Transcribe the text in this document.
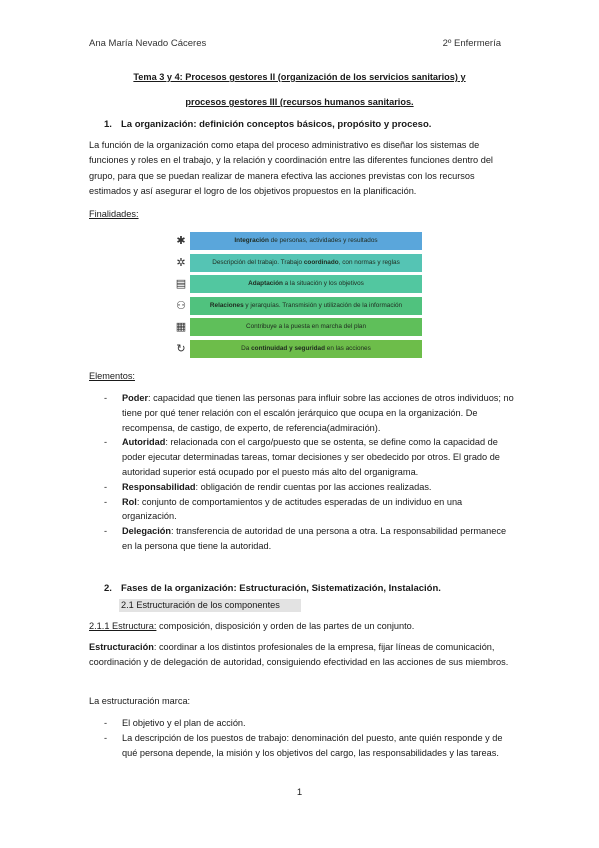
Ana María Nevado Cáceres	2º Enfermería
Tema 3 y 4: Procesos gestores II (organización de los servicios sanitarios) y
procesos gestores III (recursos humanos sanitarios.
1. La organización: definición conceptos básicos, propósito y proceso.
La función de la organización como etapa del proceso administrativo es diseñar los sistemas de funciones y roles en el trabajo, y la relación y coordinación entre las diferentes funciones dentro del grupo, para que se puedan realizar de manera efectiva las acciones previstas con los recursos estimados y así asegurar el logro de los objetivos propuestos en la planificación.
Finalidades:
✱	Integración de personas, actividades y resultados
✲	Descripción del trabajo. Trabajo coordinado, con normas y reglas
▤	Adaptación a la situación y los objetivos
⚇	Relaciones y jerarquías. Transmisión y utilización de la información
▦	Contribuye a la puesta en marcha del plan
↻	Da continuidad y seguridad en las acciones
Elementos:
- Poder: capacidad que tienen las personas para influir sobre las acciones de otros individuos; no tiene por qué tener relación con el escalón jerárquico que ocupa en la organización. De recompensa, de castigo, de experto, de referencia(admiración).
- Autoridad: relacionada con el cargo/puesto que se ostenta, se define como la capacidad de poder ejecutar determinadas tareas, tomar decisiones y ser obedecido por otros. El grado de autoridad superior está ocupado por el puesto más alto del organigrama.
- Responsabilidad: obligación de rendir cuentas por las acciones realizadas.
- Rol: conjunto de comportamientos y de actitudes esperadas de un individuo en una organización.
- Delegación: transferencia de autoridad de una persona a otra. La responsabilidad permanece en la persona que tiene la autoridad.
2. Fases de la organización: Estructuración, Sistematización, Instalación.
2.1 Estructuración de los componentes
2.1.1 Estructura: composición, disposición y orden de las partes de un conjunto.
Estructuración: coordinar a los distintos profesionales de la empresa, fijar líneas de comunicación, coordinación y de delegación de autoridad, consiguiendo efectividad en las acciones de sus miembros.
La estructuración marca:
- El objetivo y el plan de acción.
- La descripción de los puestos de trabajo: denominación del puesto, ante quién responde y de qué persona depende, la misión y los objetivos del cargo, las responsabilidades y las tareas.
1
